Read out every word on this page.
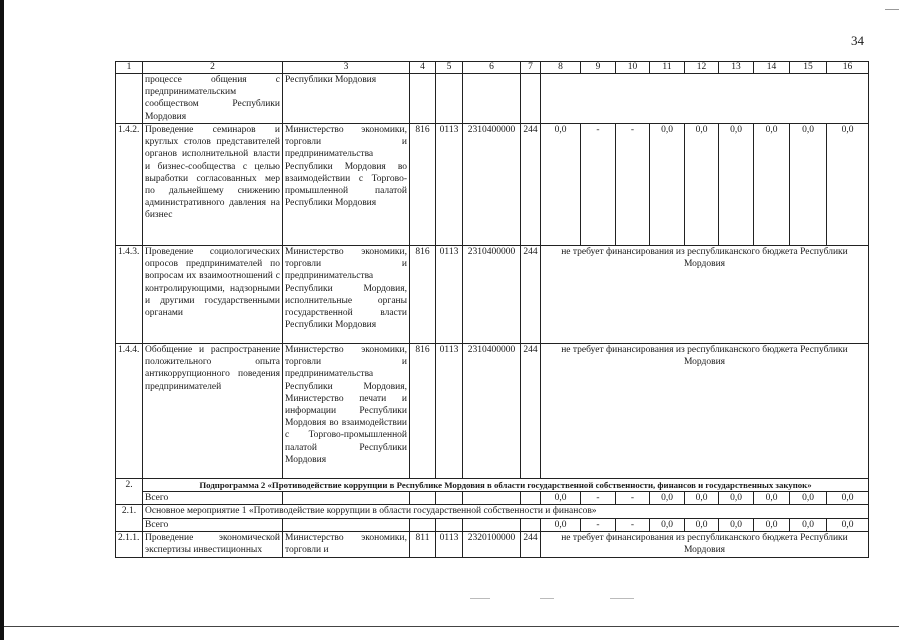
34
1	2	3	4	5	6	7	8	9	10	11	12	13	14	15	16
	процессе общения с предпринимательским сообществом Республики Мордовия	Республики Мордовия													
1.4.2.	Проведение семинаров и круглых столов представителей органов исполнительной власти и бизнес-сообщества с целью выработки согласованных мер по дальнейшему снижению административного давления на бизнес	Министерство экономики, торговли и предпринимательства Республики Мордовия во взаимодействии с Торгово-промышленной палатой Республики Мордовия	816	0113	2310400000	244	0,0	-	-	0,0	0,0	0,0	0,0	0,0	0,0
1.4.3.	Проведение социологических опросов предпринимателей по вопросам их взаимоотношений с контролирующими, надзорными и другими государственными органами	Министерство экономики, торговли и предпринимательства Республики Мордовия, исполнительные органы государственной власти Республики Мордовия	816	0113	2310400000	244	не требует финансирования из республиканского бюджета Республики Мордовия								
1.4.4.	Обобщение и распространение положительного опыта антикоррупционного поведения предпринимателей	Министерство экономики, торговли и предпринимательства Республики Мордовия, Министерство печати и информации Республики Мордовия во взаимодействии с Торгово-промышленной палатой Республики Мордовия	816	0113	2310400000	244	не требует финансирования из республиканского бюджета Республики Мордовия								
2.	Подпрограмма 2 «Противодействие коррупции в Республике Мордовия в области государственной собственности, финансов и государственных закупок»														
	Всего						0,0	-	-	0,0	0,0	0,0	0,0	0,0	0,0
2.1.	Основное мероприятие 1 «Противодействие коррупции в области государственной собственности и финансов»														
	Всего						0,0	-	-	0,0	0,0	0,0	0,0	0,0	0,0
2.1.1.	Проведение экономической экспертизы инвестиционных	Министерство экономики, торговли и	811	0113	2320100000	244	не требует финансирования из республиканского бюджета Республики Мордовия								
